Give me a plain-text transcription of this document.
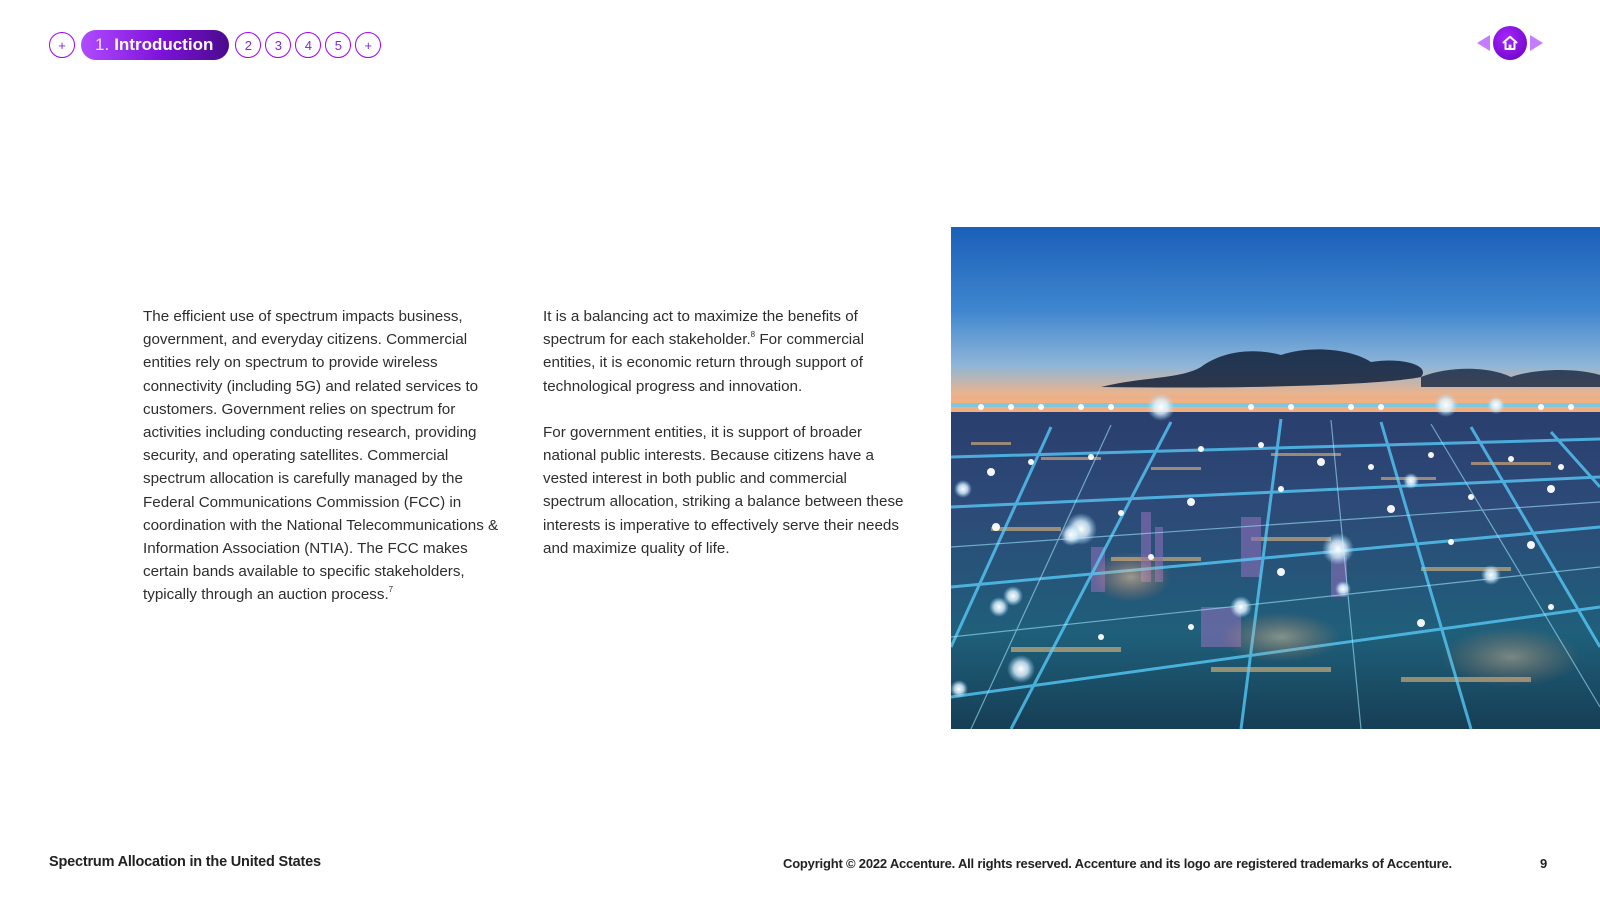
+	1. Introduction	2	3	4	5	+

The efficient use of spectrum impacts business, government, and everyday citizens. Commercial entities rely on spectrum to provide wireless connectivity (including 5G) and related services to customers. Government relies on spectrum for activities including conducting research, providing security, and operating satellites. Commercial spectrum allocation is carefully managed by the Federal Communications Commission (FCC) in coordination with the National Telecommunications & Information Association (NTIA). The FCC makes certain bands available to specific stakeholders, typically through an auction process.$^7$

It is a balancing act to maximize the benefits of spectrum for each stakeholder.$^8$ For commercial entities, it is economic return through support of technological progress and innovation.

For government entities, it is support of broader national public interests. Because citizens have a vested interest in both public and commercial spectrum allocation, striking a balance between these interests is imperative to effectively serve their needs and maximize quality of life.

Spectrum Allocation in the United States	Copyright © 2022 Accenture. All rights reserved. Accenture and its logo are registered trademarks of Accenture.	9
